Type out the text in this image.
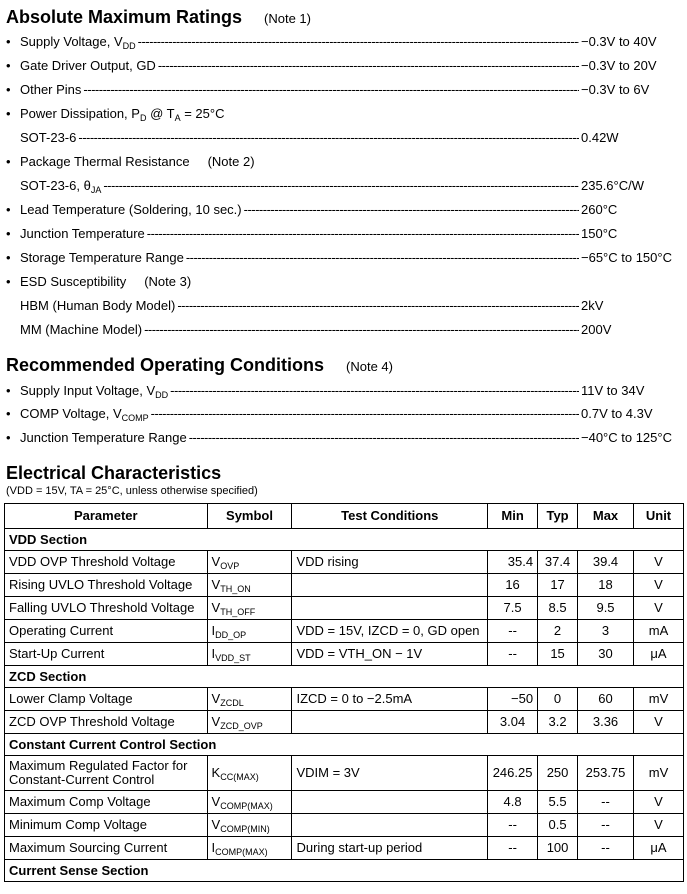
Absolute Maximum Ratings (Note 1)
• Supply Voltage, $V_{DD}$ -----	−0.3V to 40V
• Gate Driver Output, GD -----	−0.3V to 20V
• Other Pins -----	−0.3V to 6V
• Power Dissipation, $P_D$ @ $T_A = 25^\circ C$
SOT-23-6 -----	0.42W
• Package Thermal Resistance (Note 2)
SOT-23-6, $\theta_{JA}$ -----	235.6°C/W
• Lead Temperature (Soldering, 10 sec.) -----	260°C
• Junction Temperature -----	150°C
• Storage Temperature Range -----	−65°C to 150°C
• ESD Susceptibility (Note 3)
HBM (Human Body Model) -----	2kV
MM (Machine Model) -----	200V
Recommended Operating Conditions (Note 4)
• Supply Input Voltage, $V_{DD}$ -----	11V to 34V
• COMP Voltage, $V_{COMP}$ -----	0.7V to 4.3V
• Junction Temperature Range -----	−40°C to 125°C
Electrical Characteristics
(VDD = 15V, TA = 25°C, unless otherwise specified)
Parameter	Symbol	Test Conditions	Min	Typ	Max	Unit
VDD Section						
VDD OVP Threshold Voltage	$V_{OVP}$	VDD rising	35.4	37.4	39.4	V
Rising UVLO Threshold Voltage	$V_{TH\_ON}$		16	17	18	V
Falling UVLO Threshold Voltage	$V_{TH\_OFF}$		7.5	8.5	9.5	V
Operating Current	$I_{DD\_OP}$	VDD = 15V, IZCD = 0, GD open	--	2	3	mA
Start-Up Current	$I_{VDD\_ST}$	VDD = VTH_ON − 1V	--	15	30	μA
ZCD Section						
Lower Clamp Voltage	$V_{ZCDL}$	IZCD = 0 to −2.5mA	−50	0	60	mV
ZCD OVP Threshold Voltage	$V_{ZCD\_OVP}$		3.04	3.2	3.36	V
Constant Current Control Section						
Maximum Regulated Factor for Constant-Current Control	$K_{CC(MAX)}$	VDIM = 3V	246.25	250	253.75	mV
Maximum Comp Voltage	$V_{COMP(MAX)}$		4.8	5.5	--	V
Minimum Comp Voltage	$V_{COMP(MIN)}$		--	0.5	--	V
Maximum Sourcing Current	$I_{COMP(MAX)}$	During start-up period	--	100	--	μA
Current Sense Section						
